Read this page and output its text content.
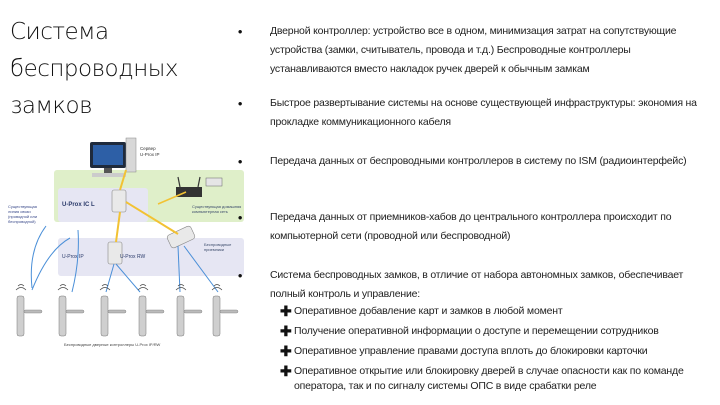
Система
беспроводных
замков
Сервер
U-Prox IP
U-Prox IC L
U-Prox IP	U-Prox RW
Существующая линия связи (проводной или беспроводной)
Существующая домашняя компьютерная сеть
Беспроводные приемники
Беспроводные дверные контроллеры U-Prox IP/RW
•	Дверной контроллер: устройство все в одном, минимизация затрат на сопутствующие устройства (замки, считыватель, провода и т.д.) Беспроводные контроллеры устанавливаются вместо накладок ручек дверей к обычным замкам
•	Быстрое развертывание системы на основе существующей инфраструктуры: экономия на прокладке коммуникационного кабеля
•	Передача данных от беспроводными контроллеров в систему по ISM (радиоинтерфейс)
•	Передача данных от приемников-хабов до центрального контроллера происходит по компьютерной сети (проводной или беспроводной)
•	Система беспроводных замков, в отличие от набора автономных замков, обеспечивает полный контроль и управление:
✚ Оперативное добавление карт и замков в любой момент
✚ Получение оперативной информации о доступе и перемещении сотрудников
✚ Оперативное управление правами доступа вплоть до блокировки карточки
✚ Оперативное открытие или блокировку дверей в случае опасности как по команде оператора, так и по сигналу системы ОПС в виде срабатки реле
